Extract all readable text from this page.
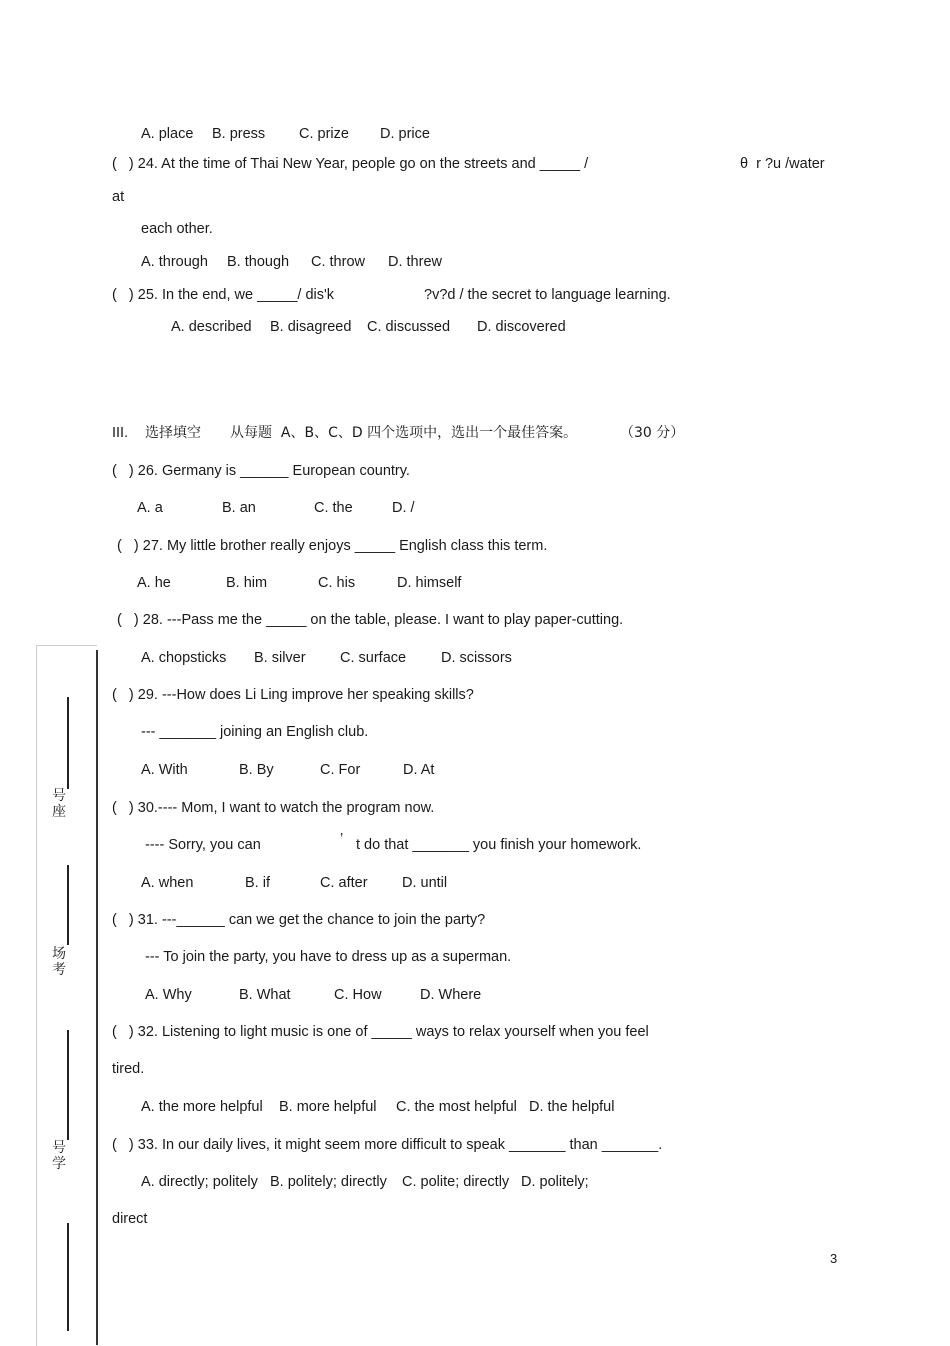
A. place B. press C. prize D. price
(   ) 24. At the time of Thai New Year, people go on the streets and _____ /	θ  r ?u /water
at
each other.
A. through B. though C. throw D. threw
(   ) 25. In the end, we _____/ dis'k	?v?d / the secret to language learning.
A. described B. disagreed C. discussed D. discovered
III. 选择填空 从每题  A、B、C、D 四个选项中，选出一个最佳答案。	（30 分）
(   ) 26. Germany is ______ European country.
A. a	B. an	C. the	D. /
(   ) 27. My little brother really enjoys _____ English class this term.
A. he	B. him	C. his	D. himself
(   ) 28. ---Pass me the _____ on the table, please. I want to play paper-cutting.
A. chopsticks B. silver C. surface D. scissors
(   ) 29. ---How does Li Ling improve her speaking skills?
--- _______ joining an English club.
A. With	B. By	C. For	D. At
(   ) 30.---- Mom, I want to watch the program now.
---- Sorry, you can	’ t do that _______ you finish your homework.
A. when	B. if	C. after D. until
(   ) 31. ---______ can we get the chance to join the party?
--- To join the party, you have to dress up as a superman.
A. Why	B. What	C. How	D. Where
(   ) 32. Listening to light music is one of _____ ways to relax yourself when you feel
tired.
A. the more helpful B. more helpful C. the most helpful D. the helpful
(   ) 33. In our daily lives, it might seem more difficult to speak _______ than _______.
A. directly; politely B. politely; directly C. polite; directly D. politely;
direct
号
座
场
考
号
学
3
